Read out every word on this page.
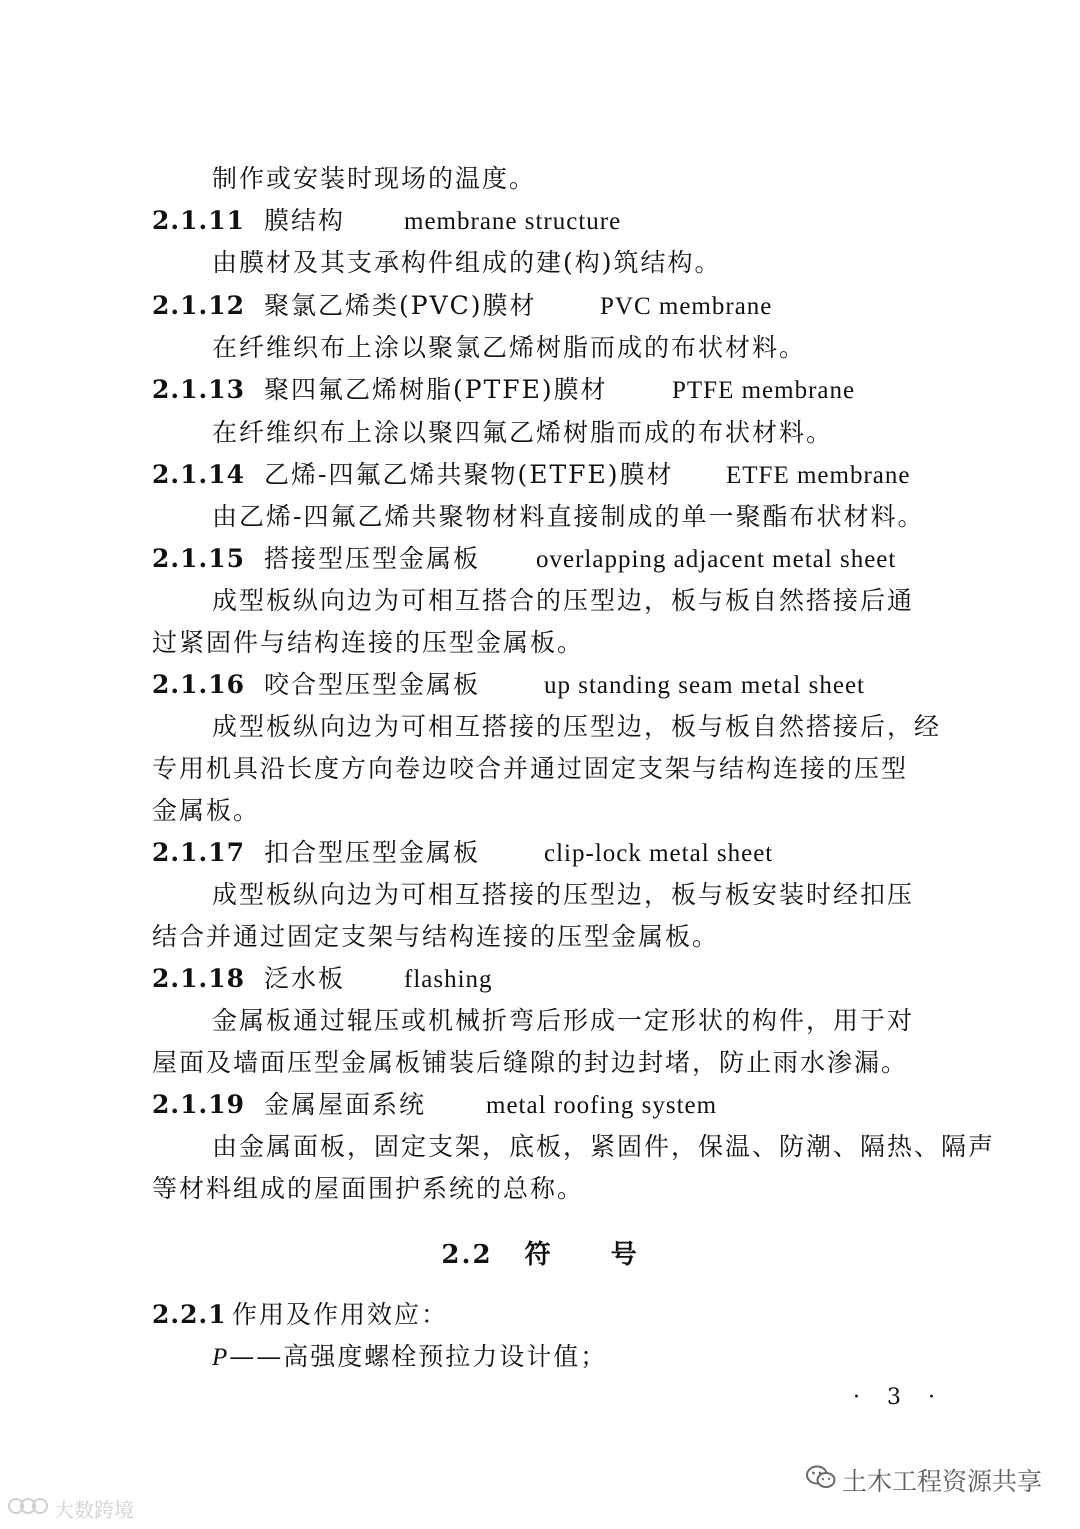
制作或安装时现场的温度。
2.1.11 膜结构 membrane structure
由膜材及其支承构件组成的建(构)筑结构。
2.1.12 聚氯乙烯类(PVC)膜材	PVC membrane
在纤维织布上涂以聚氯乙烯树脂而成的布状材料。
2.1.13 聚四氟乙烯树脂(PTFE)膜材	PTFE membrane
在纤维织布上涂以聚四氟乙烯树脂而成的布状材料。
2.1.14 乙烯-四氟乙烯共聚物(ETFE)膜材 ETFE membrane
由乙烯-四氟乙烯共聚物材料直接制成的单一聚酯布状材料。
2.1.15 搭接型压型金属板 overlapping adjacent metal sheet
成型板纵向边为可相互搭合的压型边，板与板自然搭接后通
过紧固件与结构连接的压型金属板。
2.1.16 咬合型压型金属板	up standing seam metal sheet
成型板纵向边为可相互搭接的压型边，板与板自然搭接后，经
专用机具沿长度方向卷边咬合并通过固定支架与结构连接的压型
金属板。
2.1.17 扣合型压型金属板	clip-lock metal sheet
成型板纵向边为可相互搭接的压型边，板与板安装时经扣压
结合并通过固定支架与结构连接的压型金属板。
2.1.18 泛水板 flashing
金属板通过辊压或机械折弯后形成一定形状的构件，用于对
屋面及墙面压型金属板铺装后缝隙的封边封堵，防止雨水渗漏。
2.1.19 金属屋面系统 metal roofing system
由金属面板，固定支架，底板，紧固件，保温、防潮、隔热、隔声
等材料组成的屋面围护系统的总称。
2.2 符 号
2.2.1 作用及作用效应：
P——高强度螺栓预拉力设计值；
· 3 ·
土木工程资源共享
大数跨境
